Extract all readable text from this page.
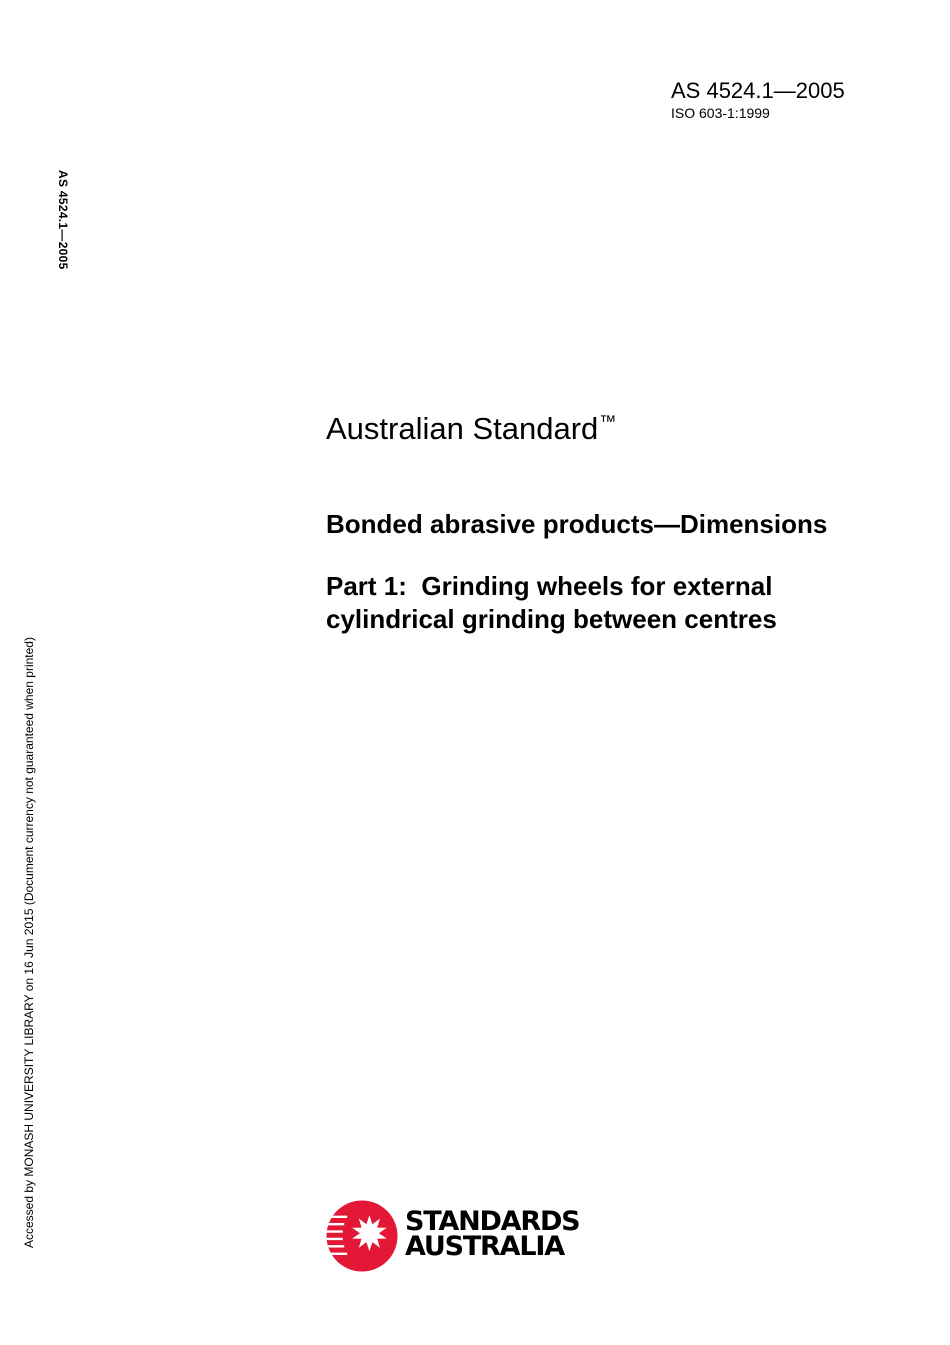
AS 4524.1—2005
ISO 603-1:1999
AS 4524.1—2005
Accessed by MONASH UNIVERSITY LIBRARY on 16 Jun 2015 (Document currency not guaranteed when printed)
Australian Standard™
Bonded abrasive products—Dimensions
Part 1:  Grinding wheels for external
cylindrical grinding between centres
STANDARDS
AUSTRALIA
